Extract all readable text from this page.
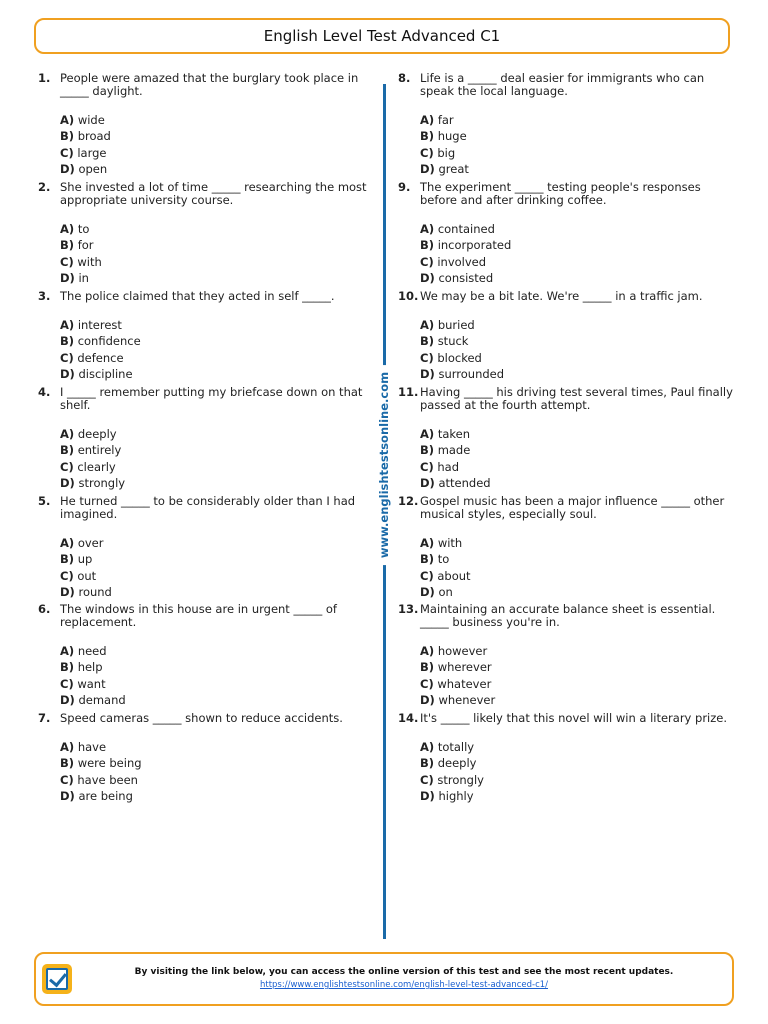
English Level Test Advanced C1
1. People were amazed that the burglary took place in _____ daylight.
A) wide
B) broad
C) large
D) open
2. She invested a lot of time _____ researching the most appropriate university course.
A) to
B) for
C) with
D) in
3. The police claimed that they acted in self _____.
A) interest
B) confidence
C) defence
D) discipline
4. I _____ remember putting my briefcase down on that shelf.
A) deeply
B) entirely
C) clearly
D) strongly
5. He turned _____ to be considerably older than I had imagined.
A) over
B) up
C) out
D) round
6. The windows in this house are in urgent _____ of replacement.
A) need
B) help
C) want
D) demand
7. Speed cameras _____ shown to reduce accidents.
A) have
B) were being
C) have been
D) are being
8. Life is a _____ deal easier for immigrants who can speak the local language.
A) far
B) huge
C) big
D) great
9. The experiment _____ testing people's responses before and after drinking coffee.
A) contained
B) incorporated
C) involved
D) consisted
10. We may be a bit late. We're _____ in a traffic jam.
A) buried
B) stuck
C) blocked
D) surrounded
11. Having _____ his driving test several times, Paul finally passed at the fourth attempt.
A) taken
B) made
C) had
D) attended
12. Gospel music has been a major influence _____ other musical styles, especially soul.
A) with
B) to
C) about
D) on
13. Maintaining an accurate balance sheet is essential. _____ business you're in.
A) however
B) wherever
C) whatever
D) whenever
14. It's _____ likely that this novel will win a literary prize.
A) totally
B) deeply
C) strongly
D) highly
www.englishtestsonline.com
By visiting the link below, you can access the online version of this test and see the most recent updates.
https://www.englishtestsonline.com/english-level-test-advanced-c1/
